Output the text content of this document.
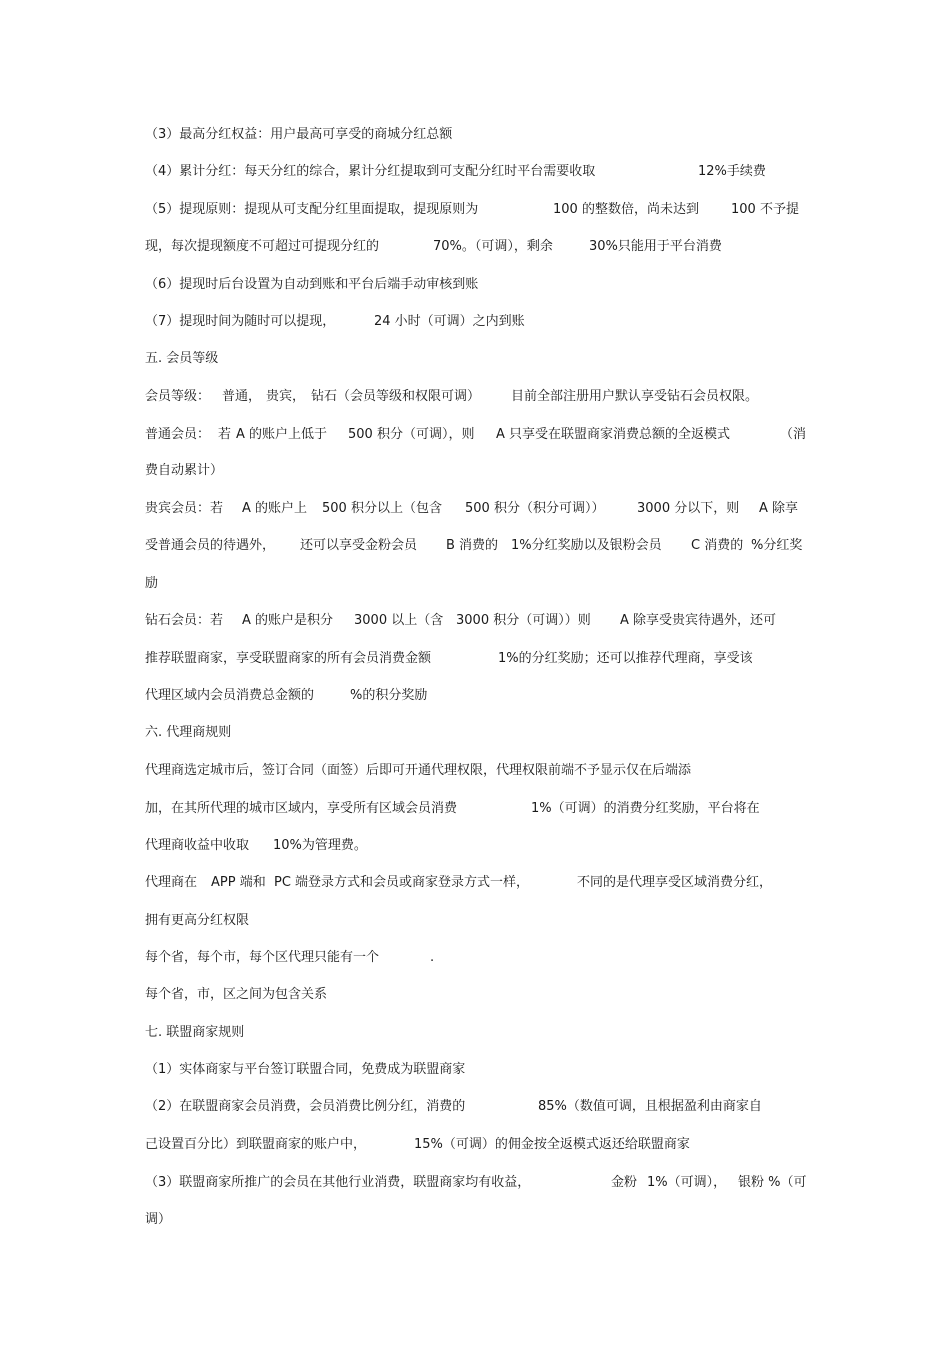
（3）最高分红权益：用户最高可享受的商城分红总额
（4）累计分红：每天分红的综合，累计分红提取到可支配分红时平台需要收取	12%手续费
（5）提现原则：提现从可支配分红里面提取，提现原则为	100 的整数倍，尚未达到 100 不予提
现，每次提现额度不可超过可提现分红的	70%。（可调），剩余	30%只能用于平台消费
（6）提现时后台设置为自动到账和平台后端手动审核到账
（7）提现时间为随时可以提现，	24 小时（可调）之内到账
五. 会员等级
会员等级： 普通， 贵宾， 钻石（会员等级和权限可调） 目前全部注册用户默认享受钻石会员权限。
普通会员： 若 A 的账户上低于 500 积分（可调），则 A 只享受在联盟商家消费总额的全返模式	（消
费自动累计）
贵宾会员：若 A 的账户上 500 积分以上（包含 500 积分（积分可调））	3000 分以下，则 A 除享
受普通会员的待遇外， 还可以享受金粉会员 B 消费的 1%分红奖励以及银粉会员 C 消费的 %分红奖
励
钻石会员：若 A 的账户是积分 3000 以上（含 3000 积分（可调））则 A 除享受贵宾待遇外，还可
推荐联盟商家，享受联盟商家的所有会员消费金额	1%的分红奖励；还可以推荐代理商，享受该
代理区域内会员消费总金额的	%的积分奖励
六. 代理商规则
代理商选定城市后，签订合同（面签）后即可开通代理权限，代理权限前端不予显示仅在后端添
加，在其所代理的城市区域内，享受所有区域会员消费	1%（可调）的消费分红奖励，平台将在
代理商收益中收取 10%为管理费。
代理商在 APP 端和 PC 端登录方式和会员或商家登录方式一样，	不同的是代理享受区域消费分红，
拥有更高分红权限
每个省，每个市，每个区代理只能有一个	.
每个省，市，区之间为包含关系
七. 联盟商家规则
（1）实体商家与平台签订联盟合同，免费成为联盟商家
（2）在联盟商家会员消费，会员消费比例分红，消费的	85%（数值可调，且根据盈利由商家自
己设置百分比）到联盟商家的账户中，	15%（可调）的佣金按全返模式返还给联盟商家
（3）联盟商家所推广的会员在其他行业消费，联盟商家均有收益，	金粉 1%（可调）， 银粉 %（可
调）
